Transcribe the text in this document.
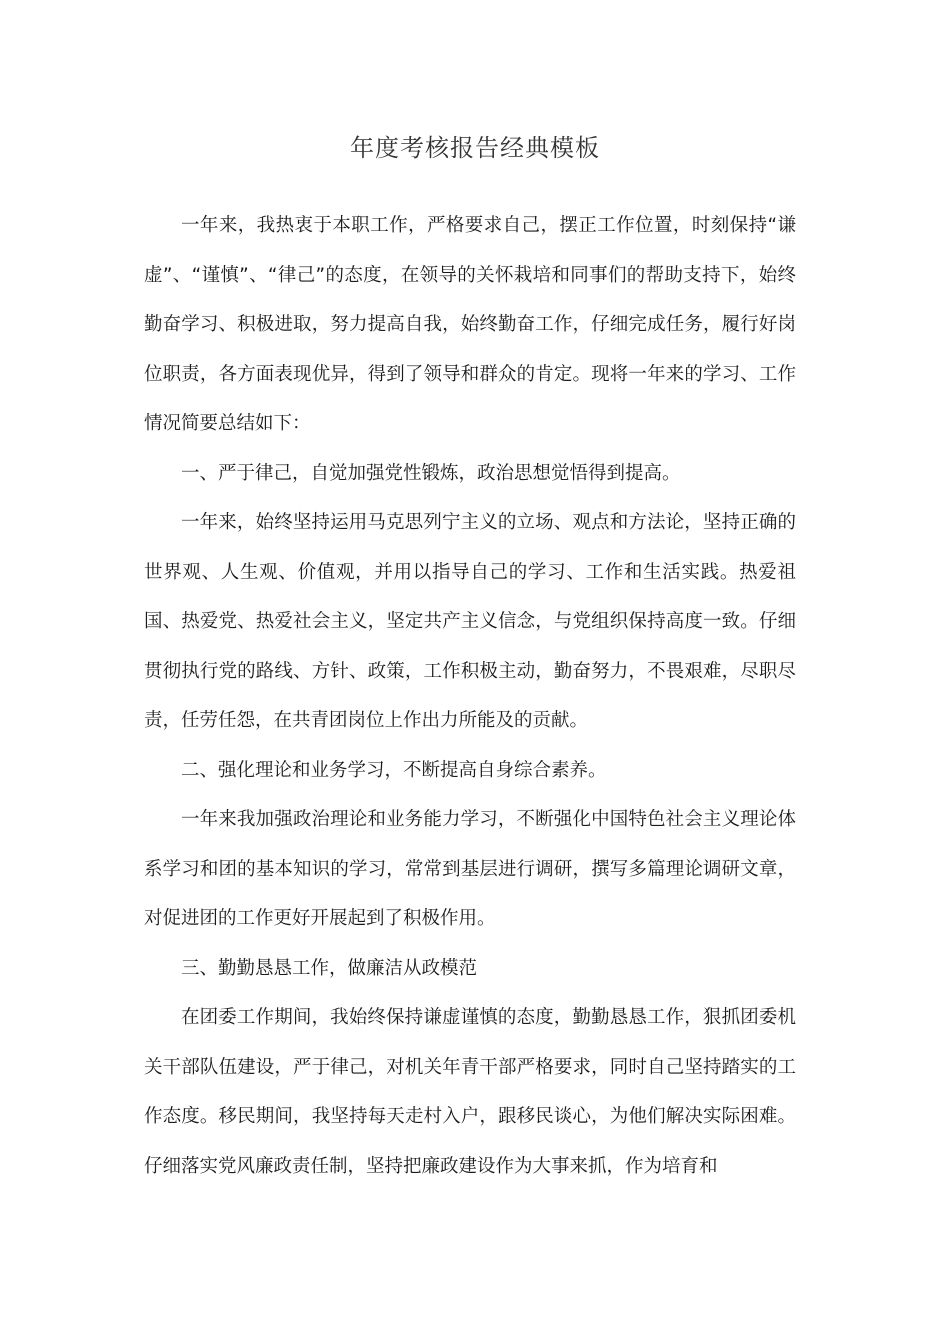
年度考核报告经典模板

一年来，我热衷于本职工作，严格要求自己，摆正工作位置，时刻保持“谦虚”、“谨慎”、“律己”的态度，在领导的关怀栽培和同事们的帮助支持下，始终勤奋学习、积极进取，努力提高自我，始终勤奋工作，仔细完成任务，履行好岗位职责，各方面表现优异，得到了领导和群众的肯定。现将一年来的学习、工作情况简要总结如下：

一、严于律己，自觉加强党性锻炼，政治思想觉悟得到提高。

一年来，始终坚持运用马克思列宁主义的立场、观点和方法论，坚持正确的世界观、人生观、价值观，并用以指导自己的学习、工作和生活实践。热爱祖国、热爱党、热爱社会主义，坚定共产主义信念，与党组织保持高度一致。仔细贯彻执行党的路线、方针、政策，工作积极主动，勤奋努力，不畏艰难，尽职尽责，任劳任怨，在共青团岗位上作出力所能及的贡献。

二、强化理论和业务学习，不断提高自身综合素养。

一年来我加强政治理论和业务能力学习，不断强化中国特色社会主义理论体系学习和团的基本知识的学习，常常到基层进行调研，撰写多篇理论调研文章，对促进团的工作更好开展起到了积极作用。

三、勤勤恳恳工作，做廉洁从政模范

在团委工作期间，我始终保持谦虚谨慎的态度，勤勤恳恳工作，狠抓团委机关干部队伍建设，严于律己，对机关年青干部严格要求，同时自己坚持踏实的工作态度。移民期间，我坚持每天走村入户，跟移民谈心，为他们解决实际困难。仔细落实党风廉政责任制，坚持把廉政建设作为大事来抓，作为培育和
